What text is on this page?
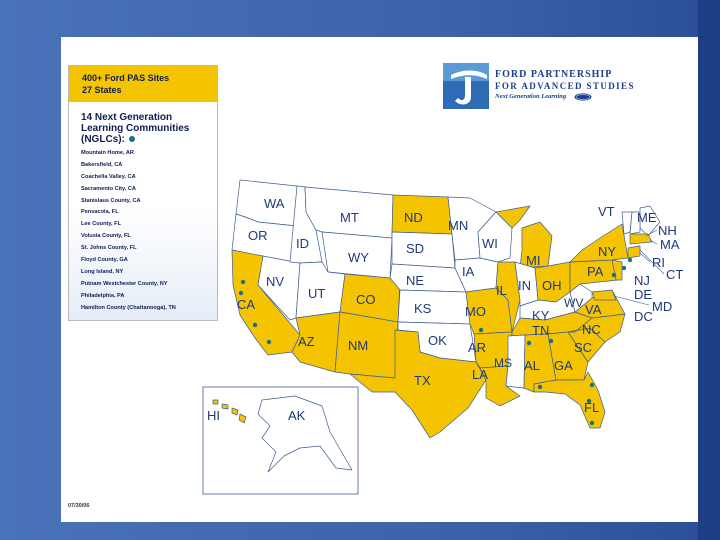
WA
OR
CA
NV
ID
MT
WY
UT
AZ
CO
NM
ND
SD
NE
KS
OK
TX
MN
IA
MO
AR
LA
WI
IL
MI
IN OH
KY
TN
MS AL GA
FL
SC
NC
VA
WV
PA
NY
VT ME
NH
MA
RI
CT
NJ
DE
MD
DC
HI	AK
400+ Ford PAS Sites
27 States
14 Next Generation Learning Communities (NGLCs):
Mountain Home, AR
Bakersfield, CA
Coachella Valley, CA
Sacramento City, CA
Stanislaus County, CA
Pensacola, FL
Lee County, FL
Volusia County, FL
St. Johns County, FL
Floyd County, GA
Long Island, NY
Putnam Westchester County, NY
Philadelphia, PA
Hamilton County (Chattanooga), TN
FORD PARTNERSHIP
FOR ADVANCED STUDIES
Next Generation Learning
07/30/06
